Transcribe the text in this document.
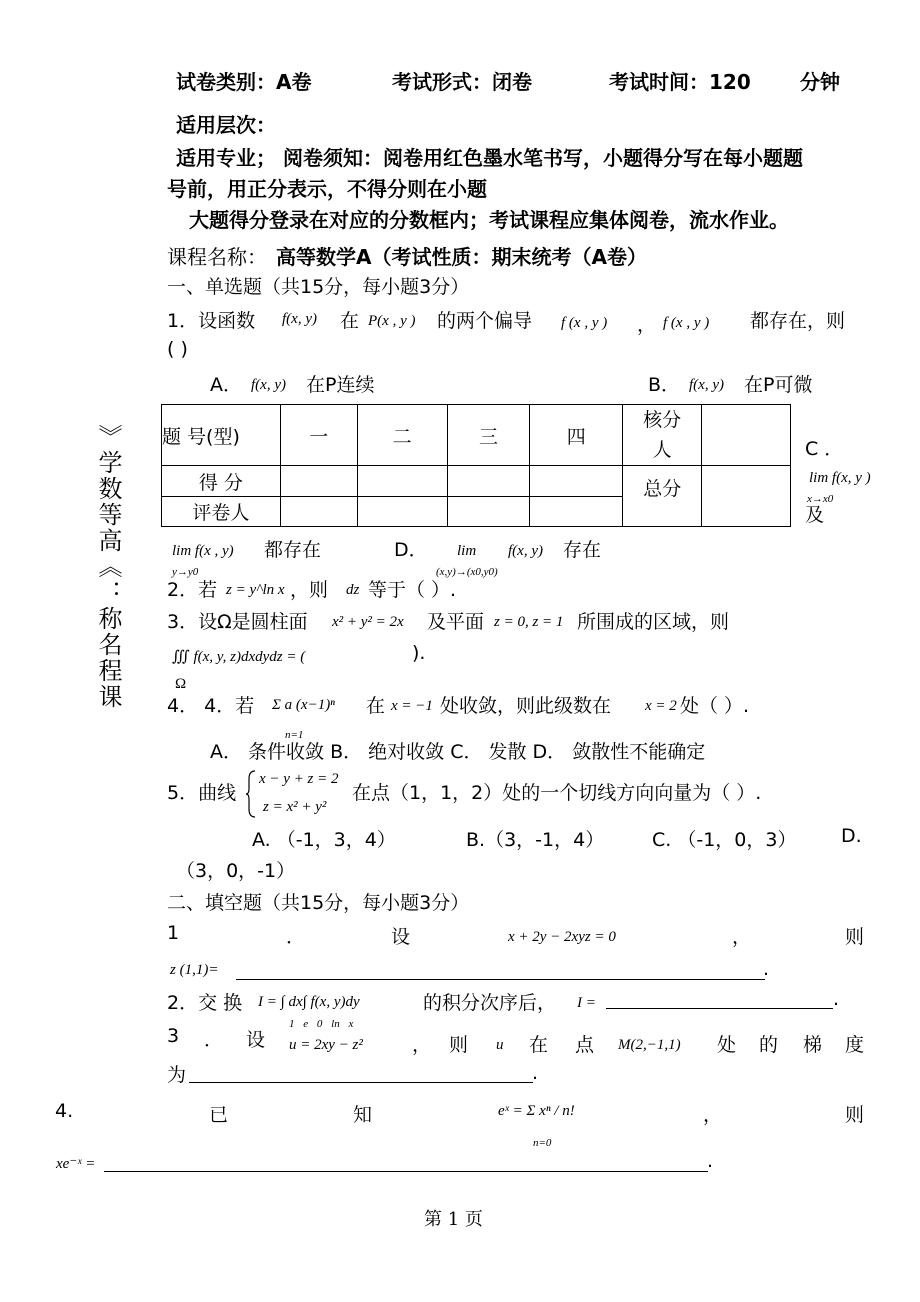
试卷类别：A卷	考试形式：闭卷	考试时间：120 分钟
适用层次：
适用专业； 阅卷须知：阅卷用红色墨水笔书写，小题得分写在每小题题
号前，用正分表示，不得分则在小题
大题得分登录在对应的分数框内；考试课程应集体阅卷，流水作业。
课程名称： 高等数学A（考试性质：期末统考（A卷）
一、单选题（共15分，每小题3分）
1．设函数 f(x, y) 在 P(x , y ) 的两个偏导 f (x , y ) ， f (x , y ) 都存在，则
( )
A． f(x, y) 在P连续	B． f(x, y) 在P可微
题 号(型)	一	二	三	四	核分人	

得 分					总分	
评卷人						
》学数等高《：称名程课	C ．
lim f(x, y )
x→x0
及
lim f(x , y)
y→y0
都存在	D． lim
(x,y)→(x0,y0)
f(x, y) 存在
2．若 z = y^ln x ，则 dz 等于（ ）.
3．设Ω是圆柱面 x² + y² = 2x 及平面 z = 0, z = 1 所围成的区域，则
∭ f(x, y, z)dxdydz = (	).
Ω
4． 4．若 Σ a (x−1)ⁿ
n=1
在 x = −1 处收敛，则此级数在 x = 2 处（ ）.
A． 条件收敛 B． 绝对收敛 C． 发散 D． 敛散性不能确定
5．曲线
x − y + z = 2
z = x² + y²
在点（1，1，2）处的一个切线方向向量为（ ）.
A. （-1，3，4）	B.（3，-1，4）	C. （-1，0，3） D.
（3，0，-1）
二、填空题（共15分，每小题3分）
1	．	设	x + 2y − 2xyz = 0	，	则
z (1,1)=	.
2．交 换 I = ∫ dx∫ f(x, y)dy
1 e 0 ln x
的积分次序后， I =	.
3 ． 设 u = 2xy − z²	， 则 u 在 点 M(2,−1,1) 处 的 梯 度
为	.
4.	已	知	eˣ = Σ xⁿ / n!
n=0
，	则
xe⁻ˣ =	.
第 1 页
